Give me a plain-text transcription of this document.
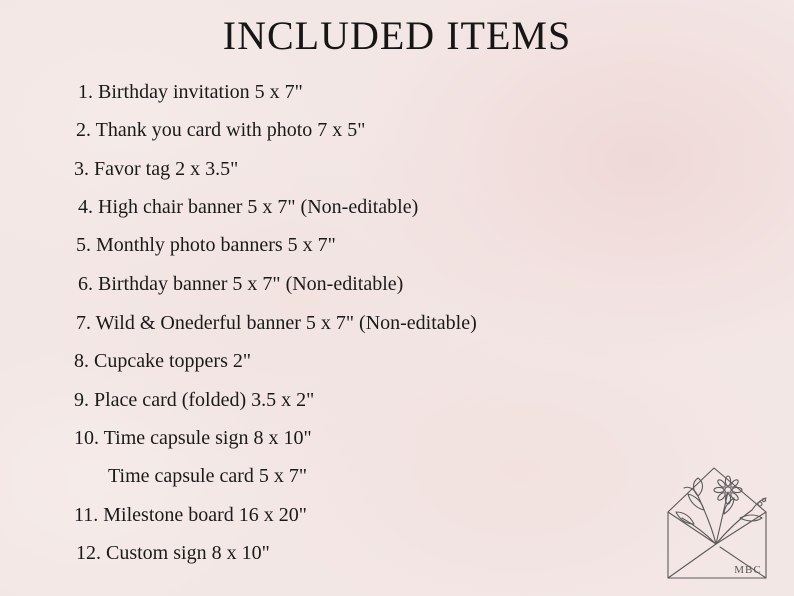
INCLUDED ITEMS
1. Birthday invitation 5 x 7"
2. Thank you card with photo 7 x 5"
3. Favor tag 2 x 3.5"
4. High chair banner 5 x 7" (Non-editable)
5. Monthly photo banners 5 x 7"
6. Birthday banner 5 x 7" (Non-editable)
7. Wild & Onederful banner 5 x 7" (Non-editable)
8. Cupcake toppers 2"
9. Place card (folded) 3.5 x 2"
10. Time capsule sign 8 x 10"
Time capsule card 5 x 7"
11. Milestone board 16 x 20"
12. Custom sign 8 x 10"
MBC
